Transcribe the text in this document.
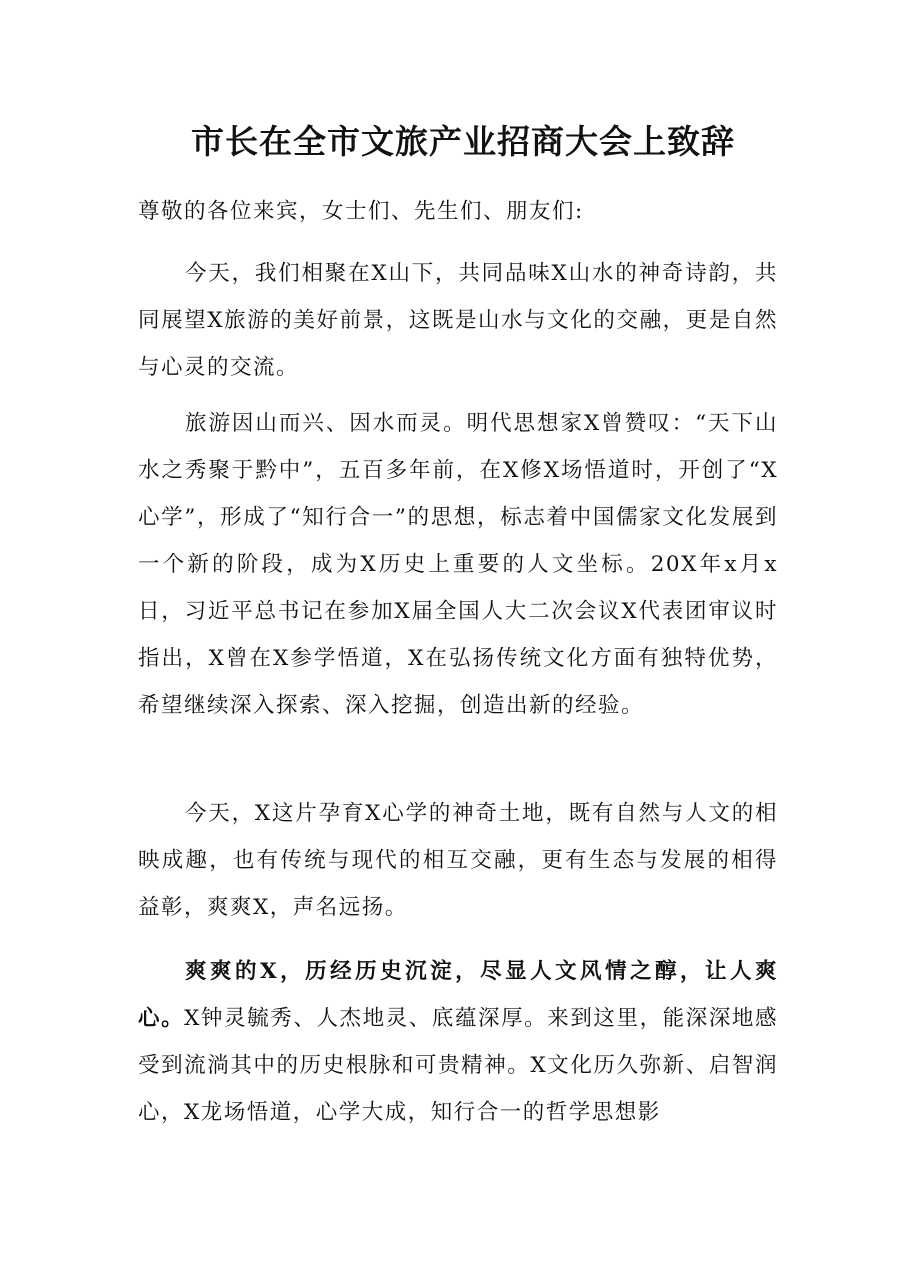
市长在全市文旅产业招商大会上致辞

尊敬的各位来宾，女士们、先生们、朋友们:

今天，我们相聚在X山下，共同品味X山水的神奇诗韵，共同展望X旅游的美好前景，这既是山水与文化的交融，更是自然与心灵的交流。

旅游因山而兴、因水而灵。明代思想家X曾赞叹：“天下山水之秀聚于黔中”，五百多年前，在X修X场悟道时，开创了“X心学”，形成了“知行合一”的思想，标志着中国儒家文化发展到一个新的阶段，成为X历史上重要的人文坐标。20X年x月x日，习近平总书记在参加X届全国人大二次会议X代表团审议时指出，X曾在X参学悟道，X在弘扬传统文化方面有独特优势，希望继续深入探索、深入挖掘，创造出新的经验。

今天，X这片孕育X心学的神奇土地，既有自然与人文的相映成趣，也有传统与现代的相互交融，更有生态与发展的相得益彰，爽爽X，声名远扬。

爽爽的X，历经历史沉淀，尽显人文风情之醇，让人爽心。X钟灵毓秀、人杰地灵、底蕴深厚。来到这里，能深深地感受到流淌其中的历史根脉和可贵精神。X文化历久弥新、启智润心，X龙场悟道，心学大成，知行合一的哲学思想影
